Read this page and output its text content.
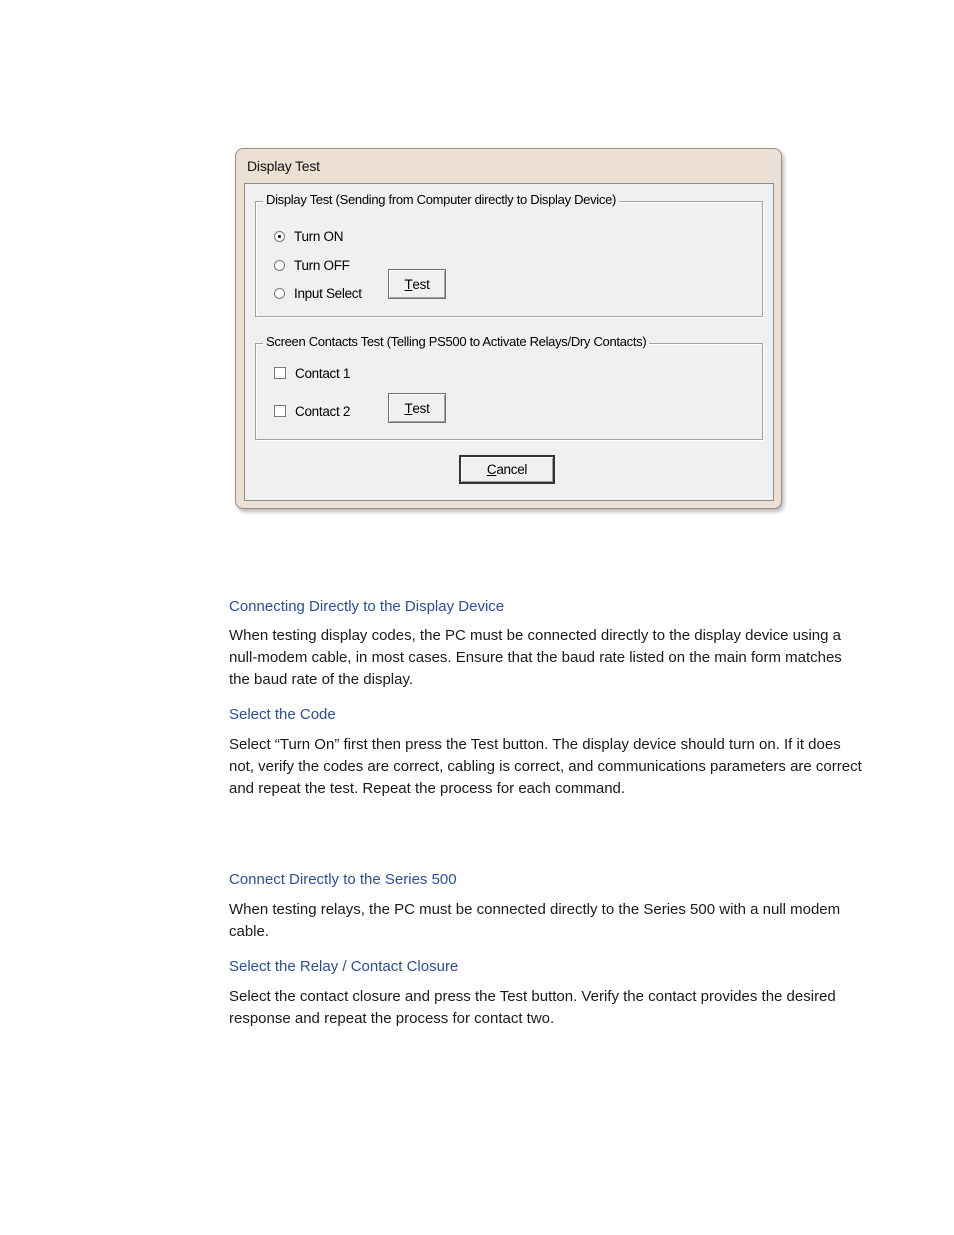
Display Test
Display Test (Sending from Computer directly to Display Device)
Turn ON
Turn OFF
Input Select
T est
Screen Contacts Test (Telling PS500 to Activate Relays/Dry Contacts)
Contact 1
Contact 2	T est
C ancel
Connecting Directly to the Display Device
When testing display codes, the PC must be connected directly to the display device using a
null-modem cable, in most cases. Ensure that the baud rate listed on the main form matches
the baud rate of the display.
Select the Code
Select “Turn On” first then press the Test button. The display device should turn on. If it does
not, verify the codes are correct, cabling is correct, and communications parameters are correct
and repeat the test. Repeat the process for each command.
Connect Directly to the Series 500
When testing relays, the PC must be connected directly to the Series 500 with a null modem
cable.
Select the Relay / Contact Closure
Select the contact closure and press the Test button. Verify the contact provides the desired
response and repeat the process for contact two.
